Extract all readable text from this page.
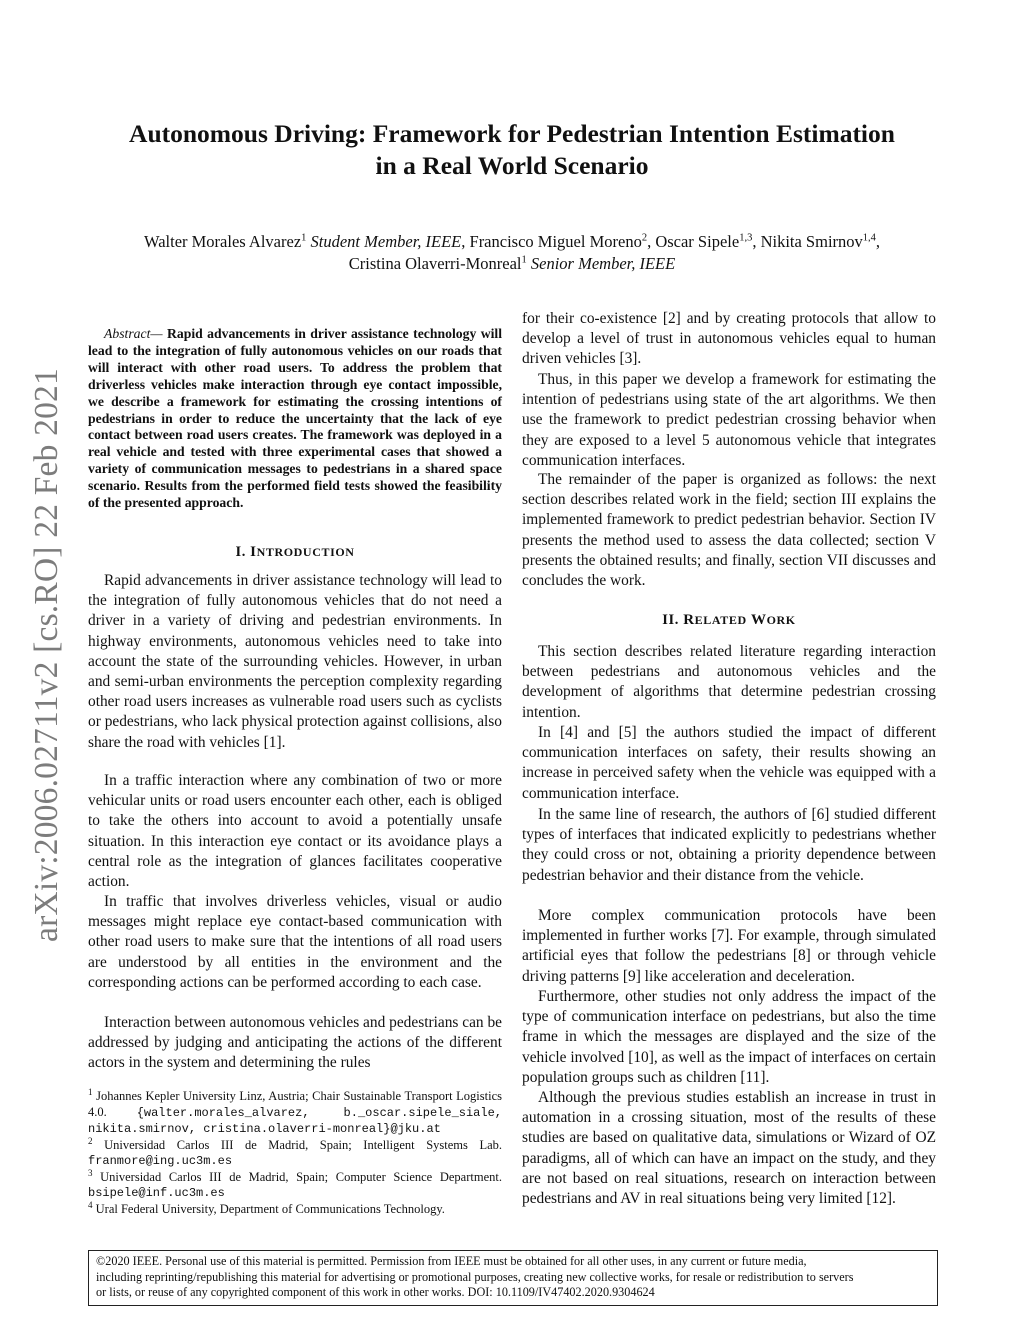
arXiv:2006.02711v2 [cs.RO] 22 Feb 2021
Autonomous Driving: Framework for Pedestrian Intention Estimation
in a Real World Scenario
Walter Morales Alvarez$^1$ Student Member, IEEE, Francisco Miguel Moreno$^2$, Oscar Sipele$^{1,3}$, Nikita Smirnov$^{1,4}$,
Cristina Olaverri-Monreal$^1$ Senior Member, IEEE

Abstract— Rapid advancements in driver assistance technology will lead to the integration of fully autonomous vehicles on our roads that will interact with other road users. To address the problem that driverless vehicles make interaction through eye contact impossible, we describe a framework for estimating the crossing intentions of pedestrians in order to reduce the uncertainty that the lack of eye contact between road users creates. The framework was deployed in a real vehicle and tested with three experimental cases that showed a variety of communication messages to pedestrians in a shared space scenario. Results from the performed field tests showed the feasibility of the presented approach.

I. INTRODUCTION

Rapid advancements in driver assistance technology will lead to the integration of fully autonomous vehicles that do not need a driver in a variety of driving and pedestrian environments. In highway environments, autonomous vehicles need to take into account the state of the surrounding vehicles. However, in urban and semi-urban environments the perception complexity regarding other road users increases as vulnerable road users such as cyclists or pedestrians, who lack physical protection against collisions, also share the road with vehicles [1].

In a traffic interaction where any combination of two or more vehicular units or road users encounter each other, each is obliged to take the others into account to avoid a potentially unsafe situation. In this interaction eye contact or its avoidance plays a central role as the integration of glances facilitates cooperative action.

In traffic that involves driverless vehicles, visual or audio messages might replace eye contact-based communication with other road users to make sure that the intentions of all road users are understood by all entities in the environment and the corresponding actions can be performed according to each case.

Interaction between autonomous vehicles and pedestrians can be addressed by judging and anticipating the actions of the different actors in the system and determining the rules

$^1$ Johannes Kepler University Linz, Austria; Chair Sustainable Transport Logistics 4.0. {walter.morales_alvarez, b._oscar.sipele_siale, nikita.smirnov, cristina.olaverri-monreal}@jku.at

$^2$ Universidad Carlos III de Madrid, Spain; Intelligent Systems Lab. franmore@ing.uc3m.es

$^3$ Universidad Carlos III de Madrid, Spain; Computer Science Department. bsipele@inf.uc3m.es

$^4$ Ural Federal University, Department of Communications Technology.

for their co-existence [2] and by creating protocols that allow to develop a level of trust in autonomous vehicles equal to human driven vehicles [3].

Thus, in this paper we develop a framework for estimating the intention of pedestrians using state of the art algorithms. We then use the framework to predict pedestrian crossing behavior when they are exposed to a level 5 autonomous vehicle that integrates communication interfaces.

The remainder of the paper is organized as follows: the next section describes related work in the field; section III explains the implemented framework to predict pedestrian behavior. Section IV presents the method used to assess the data collected; section V presents the obtained results; and finally, section VII discusses and concludes the work.

II. RELATED WORK

This section describes related literature regarding interaction between pedestrians and autonomous vehicles and the development of algorithms that determine pedestrian crossing intention.

In [4] and [5] the authors studied the impact of different communication interfaces on safety, their results showing an increase in perceived safety when the vehicle was equipped with a communication interface.

In the same line of research, the authors of [6] studied different types of interfaces that indicated explicitly to pedestrians whether they could cross or not, obtaining a priority dependence between pedestrian behavior and their distance from the vehicle.

More complex communication protocols have been implemented in further works [7]. For example, through simulated artificial eyes that follow the pedestrians [8] or through vehicle driving patterns [9] like acceleration and deceleration.

Furthermore, other studies not only address the impact of the type of communication interface on pedestrians, but also the time frame in which the messages are displayed and the size of the vehicle involved [10], as well as the impact of interfaces on certain population groups such as children [11].

Although the previous studies establish an increase in trust in automation in a crossing situation, most of the results of these studies are based on qualitative data, simulations or Wizard of OZ paradigms, all of which can have an impact on the study, and they are not based on real situations, research on interaction between pedestrians and AV in real situations being very limited [12].

©2020 IEEE. Personal use of this material is permitted. Permission from IEEE must be obtained for all other uses, in any current or future media,
including reprinting/republishing this material for advertising or promotional purposes, creating new collective works, for resale or redistribution to servers
or lists, or reuse of any copyrighted component of this work in other works. DOI: 10.1109/IV47402.2020.9304624
